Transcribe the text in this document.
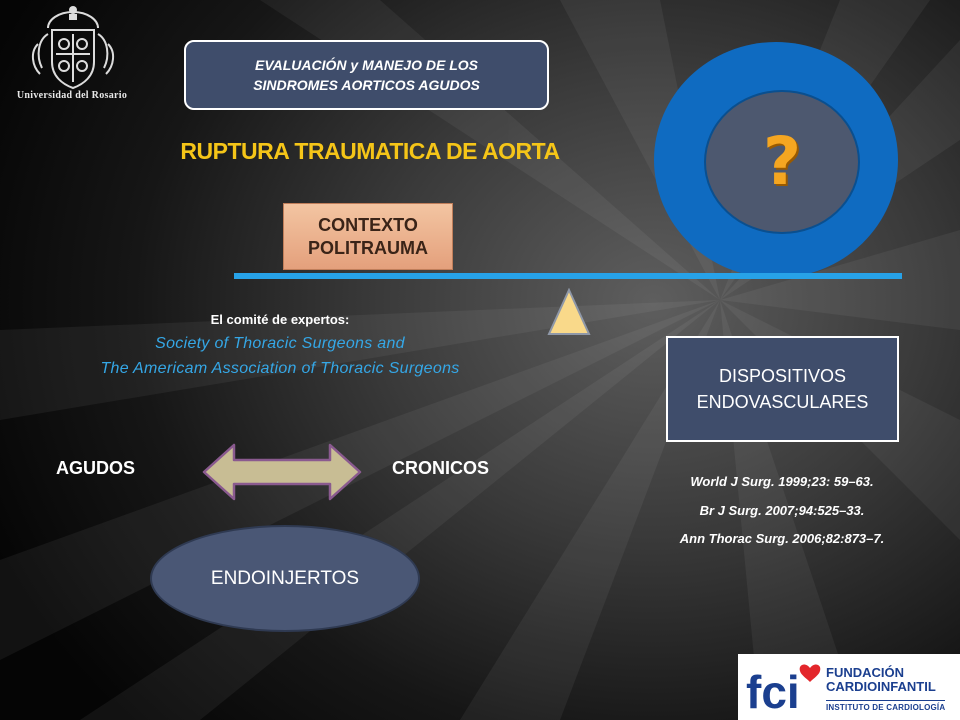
Universidad del Rosario
EVALUACIÓN y MANEJO DE LOS
SINDROMES AORTICOS AGUDOS
RUPTURA TRAUMATICA DE AORTA
CONTEXTO
POLITRAUMA
?
El comité de expertos:
Society of Thoracic Surgeons and
The Americam Association of Thoracic Surgeons	DISPOSITIVOS
ENDOVASCULARES
AGUDOS	CRONICOS
World J Surg. 1999;23: 59–63.
Br J Surg. 2007;94:525–33.
Ann Thorac Surg. 2006;82:873–7.
ENDOINJERTOS
fci FUNDACIÓN
CARDIOINFANTIL
INSTITUTO DE CARDIOLOGÍA
